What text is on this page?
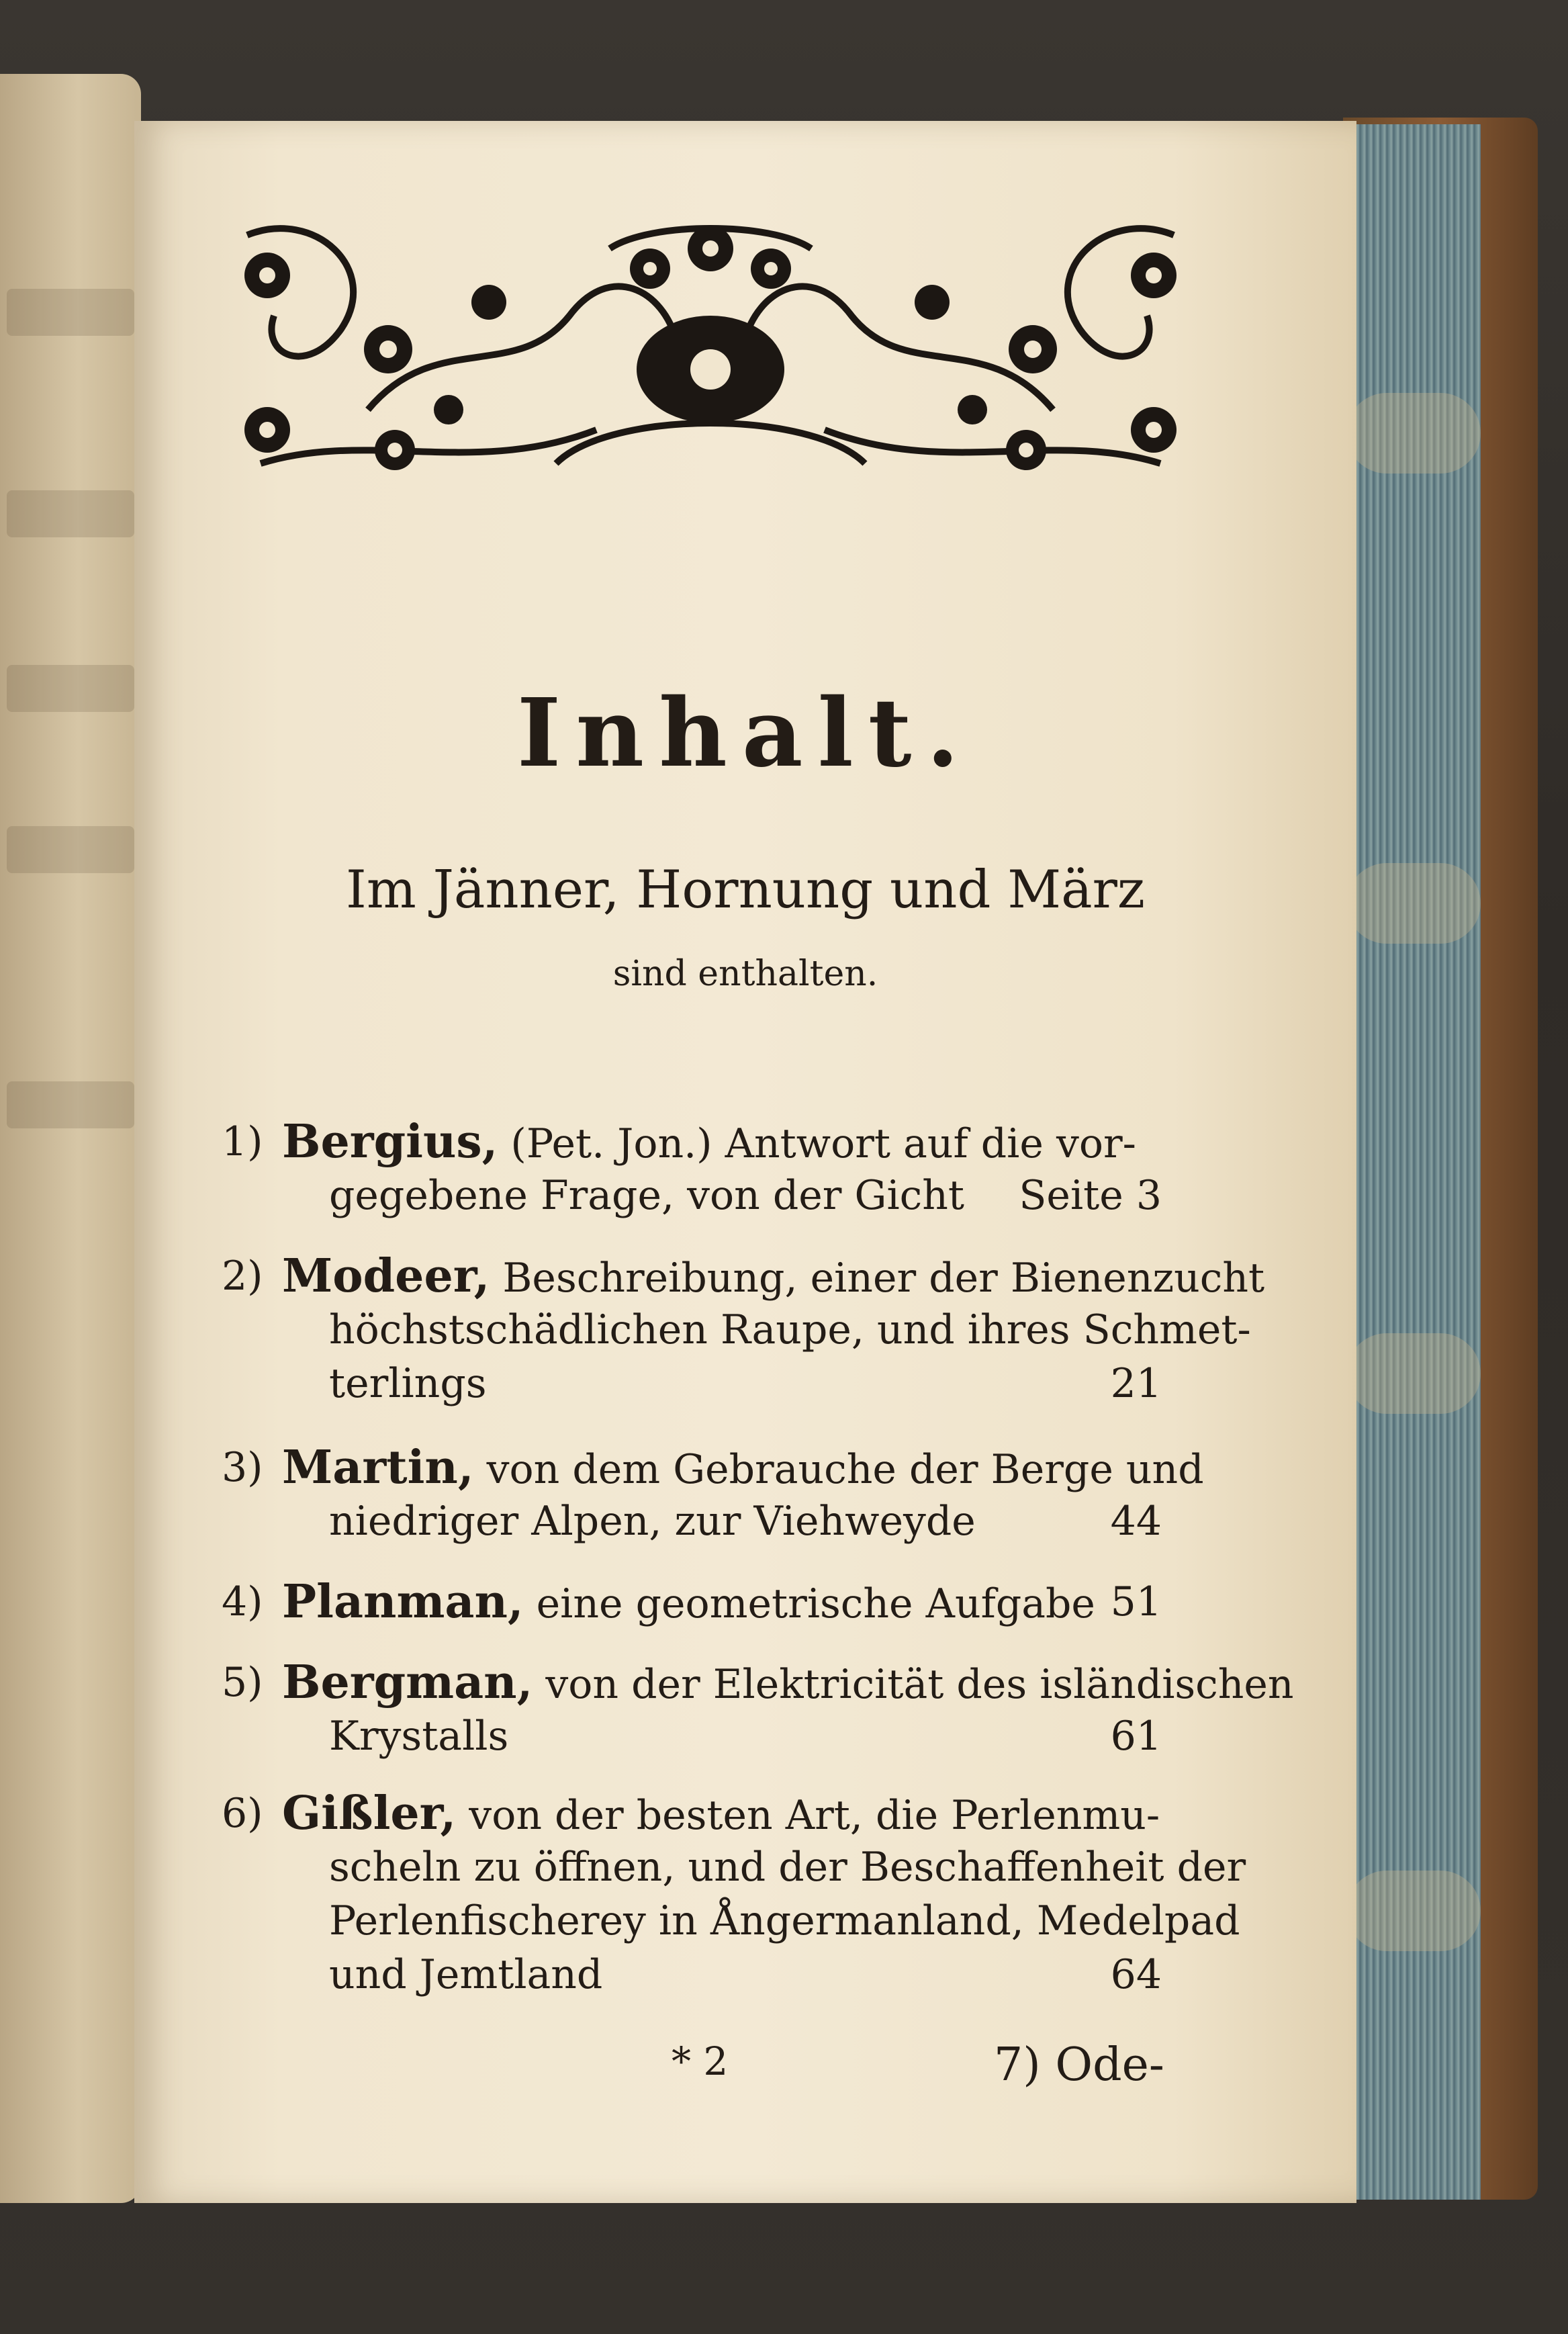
Inhalt.
Im Jänner, Hornung und März
sind enthalten.
1) Bergius, (Pet. Jon.) Antwort auf die vor-
gegebene Frage, von der Gicht Seite 3
2) Modeer, Beschreibung, einer der Bienenzucht
höchstschädlichen Raupe, und ihres Schmet-
terlings	21
3) Martin, von dem Gebrauche der Berge und
niedriger Alpen, zur Viehweyde	44
4) Planman, eine geometrische Aufgabe 51
5) Bergman, von der Elektricität des isländischen
Krystalls	61
6) Gißler, von der besten Art, die Perlenmu-
scheln zu öffnen, und der Beschaffenheit der
Perlenfischerey in Ångermanland, Medelpad
und Jemtland	64
* 2	7) Ode-
